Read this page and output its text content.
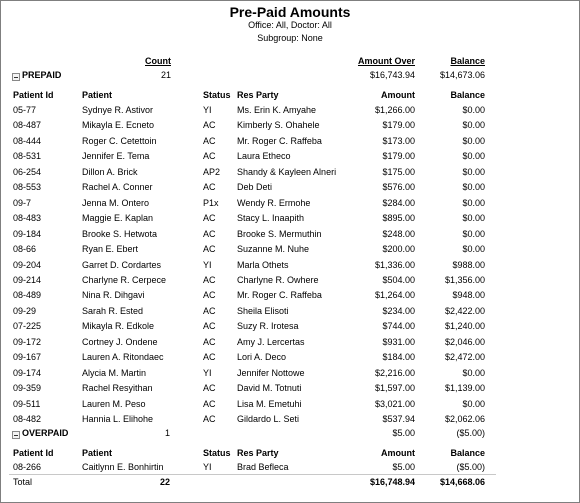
Pre-Paid Amounts
Office: All, Doctor: All
Subgroup: None
Count	Amount Over	Balance
PREPAID	21	$16,743.94	$14,673.06
Patient Id	Patient	Status Res Party	Amount	Balance
05-77	Sydnye R. Astivor	YI	Ms. Erin K. Amyahe	$1,266.00	$0.00
08-487	Mikayla E. Ecneto	AC Kimberly S. Ohahele	$179.00	$0.00
08-444	Roger C. Cetettoin	AC Mr. Roger C. Raffeba	$173.00	$0.00
08-531	Jennifer E. Tema	AC Laura Etheco	$179.00	$0.00
06-254	Dillon A. Brick	AP2 Shandy & Kayleen Alneri	$175.00	$0.00
08-553	Rachel A. Conner	AC Deb Deti	$576.00	$0.00
09-7	Jenna M. Ontero	P1x Wendy R. Ermohe	$284.00	$0.00
08-483	Maggie E. Kaplan	AC Stacy L. Inaapith	$895.00	$0.00
09-184	Brooke S. Hetwota	AC Brooke S. Mermuthin	$248.00	$0.00
08-66	Ryan E. Ebert	AC Suzanne M. Nuhe	$200.00	$0.00
09-204	Garret D. Cordartes	YI	Marla Othets	$1,336.00	$988.00
09-214	Charlyne R. Cerpece	AC Charlyne R. Owhere	$504.00	$1,356.00
08-489	Nina R. Dihgavi	AC Mr. Roger C. Raffeba	$1,264.00	$948.00
09-29	Sarah R. Ested	AC Sheila Elisoti	$234.00	$2,422.00
07-225	Mikayla R. Edkole	AC Suzy R. Irotesa	$744.00	$1,240.00
09-172	Cortney J. Ondene	AC Amy J. Lercertas	$931.00	$2,046.00
09-167	Lauren A. Ritondaec	AC Lori A. Deco	$184.00	$2,472.00
09-174	Alycia M. Martin	YI	Jennifer Nottowe	$2,216.00	$0.00
09-359	Rachel Resyithan	AC David M. Totnuti	$1,597.00	$1,139.00
09-511	Lauren M. Peso	AC Lisa M. Emetuhi	$3,021.00	$0.00
08-482	Hannia L. Elihohe	AC Gildardo L. Seti	$537.94	$2,062.06
OVERPAID	1	$5.00	($5.00)
Patient Id	Patient	Status Res Party	Amount	Balance
08-266	Caitlynn E. Bonhirtin	YI	Brad Befleca	$5.00	($5.00)
Total	22	$16,748.94	$14,668.06
